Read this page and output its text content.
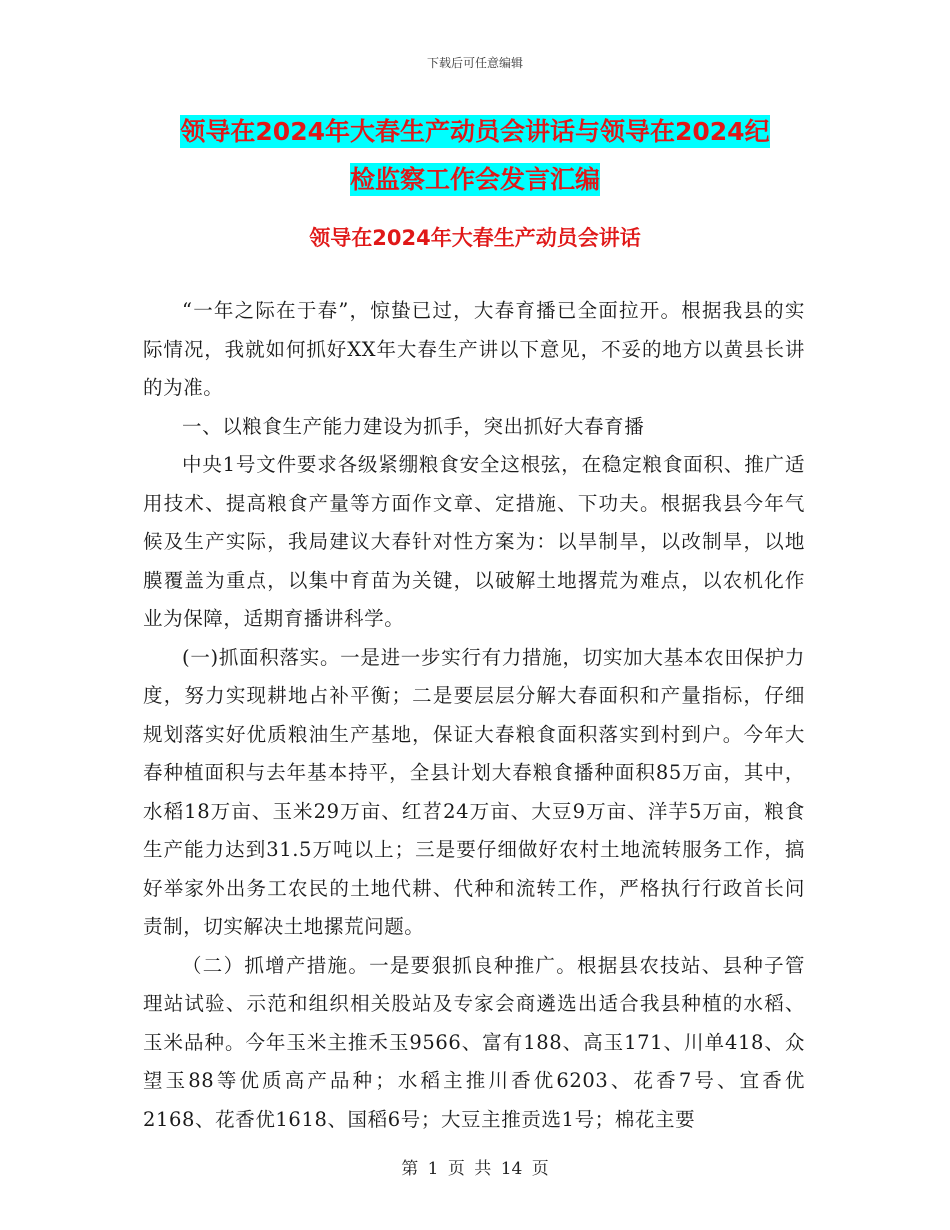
下载后可任意编辑
领导在2024年大春生产动员会讲话与领导在2024纪
检监察工作会发言汇编
领导在2024年大春生产动员会讲话

“一年之际在于春”，惊蛰已过，大春育播已全面拉开。根据我县的实际情况，我就如何抓好XX年大春生产讲以下意见，不妥的地方以黄县长讲的为准。

一、以粮食生产能力建设为抓手，突出抓好大春育播

中央1号文件要求各级紧绷粮食安全这根弦，在稳定粮食面积、推广适用技术、提高粮食产量等方面作文章、定措施、下功夫。根据我县今年气候及生产实际，我局建议大春针对性方案为：以旱制旱，以改制旱，以地膜覆盖为重点，以集中育苗为关键，以破解土地撂荒为难点，以农机化作业为保障，适期育播讲科学。

(一)抓面积落实。一是进一步实行有力措施，切实加大基本农田保护力度，努力实现耕地占补平衡；二是要层层分解大春面积和产量指标，仔细规划落实好优质粮油生产基地，保证大春粮食面积落实到村到户。今年大春种植面积与去年基本持平，全县计划大春粮食播种面积85万亩，其中，水稻18万亩、玉米29万亩、红苕24万亩、大豆9万亩、洋芋5万亩，粮食生产能力达到31.5万吨以上；三是要仔细做好农村土地流转服务工作，搞好举家外出务工农民的土地代耕、代种和流转工作，严格执行行政首长问责制，切实解决土地摞荒问题。

（二）抓增产措施。一是要狠抓良种推广。根据县农技站、县种子管理站试验、示范和组织相关股站及专家会商遴选出适合我县种植的水稻、玉米品种。今年玉米主推禾玉9566、富有188、高玉171、川单418、众望玉88等优质高产品种；水稻主推川香优6203、花香7号、宜香优2168、花香优1618、国稻6号；大豆主推贡选1号；棉花主要

第 1 页 共 14 页
